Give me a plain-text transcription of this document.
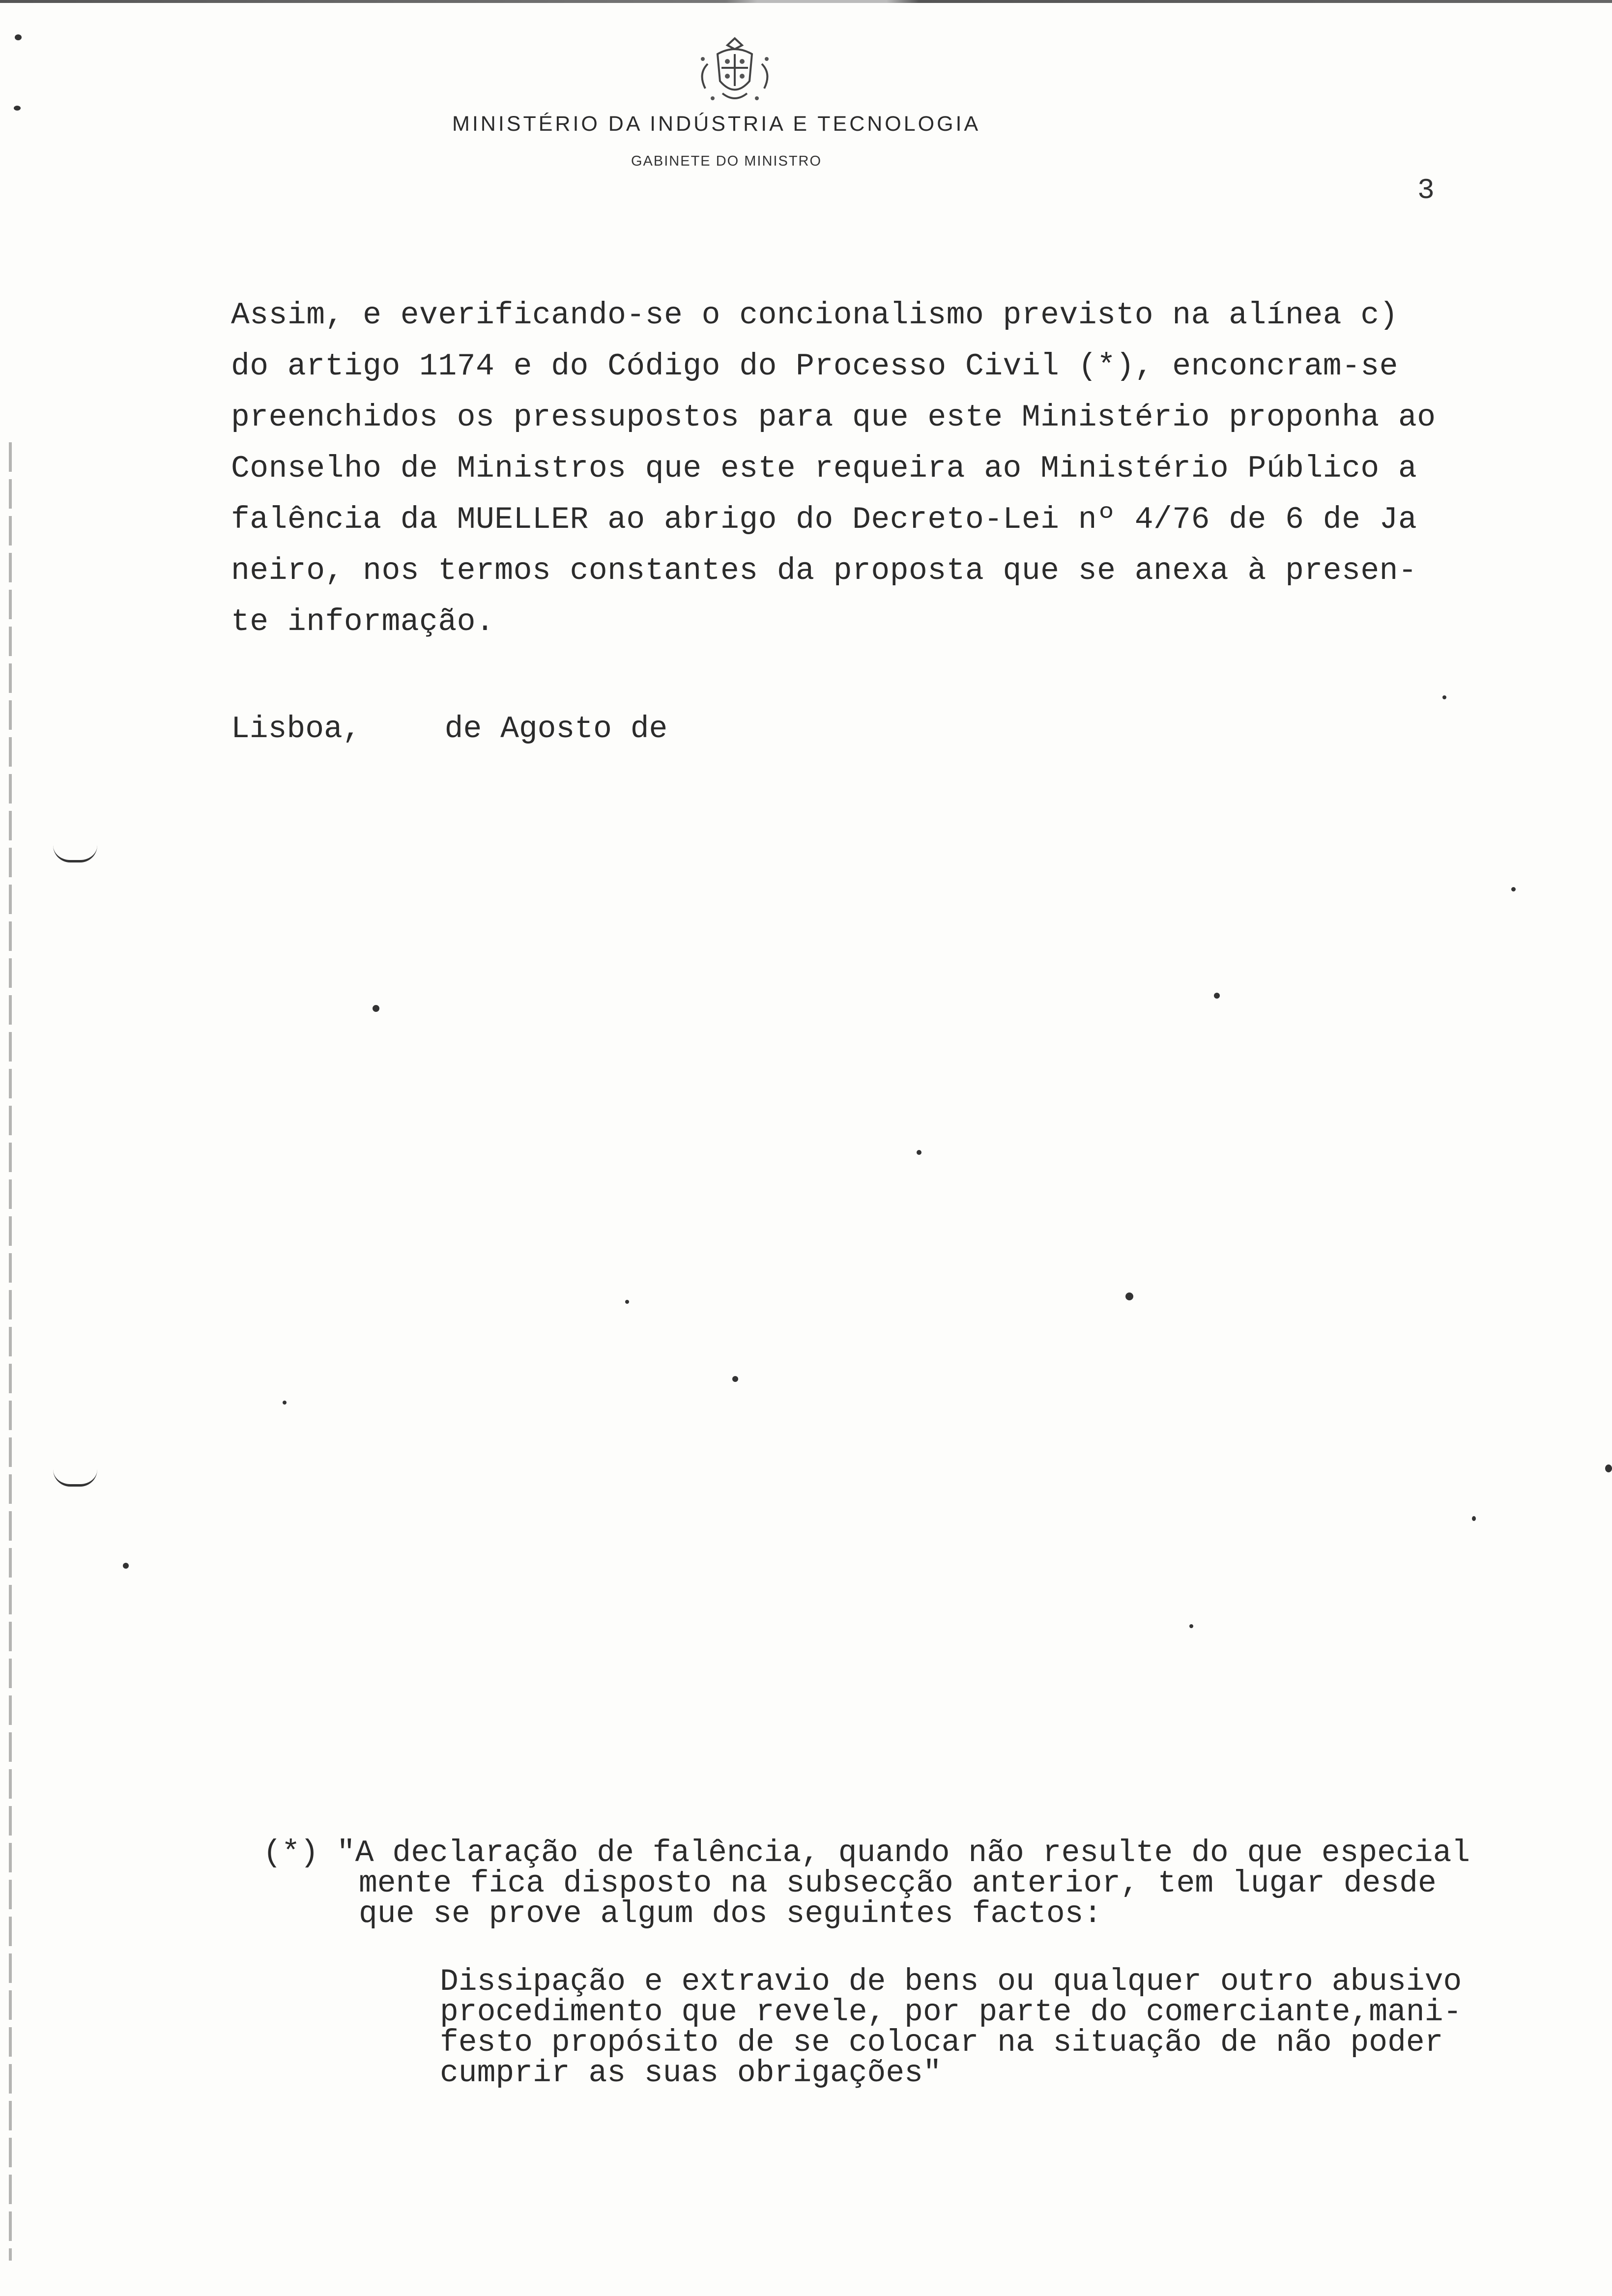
MINISTÉRIO DA INDÚSTRIA E TECNOLOGIA
GABINETE DO MINISTRO
3
Assim, e everificando-se o concionalismo previsto na alínea c)
do artigo 1174 e do Código do Processo Civil (*), enconcram-se
preenchidos os pressupostos para que este Ministério proponha ao
Conselho de Ministros que este requeira ao Ministério Público a
falência da MUELLER ao abrigo do Decreto-Lei nº 4/76 de 6 de Ja
neiro, nos termos constantes da proposta que se anexa à presen-
te informação.
Lisboa,	de Agosto de
(*) "A declaração de falência, quando não resulte do que especial
mente fica disposto na subsecção anterior, tem lugar desde
que se prove algum dos seguintes factos:
Dissipação e extravio de bens ou qualquer outro abusivo
procedimento que revele, por parte do comerciante,mani-
festo propósito de se colocar na situação de não poder
cumprir as suas obrigações"
